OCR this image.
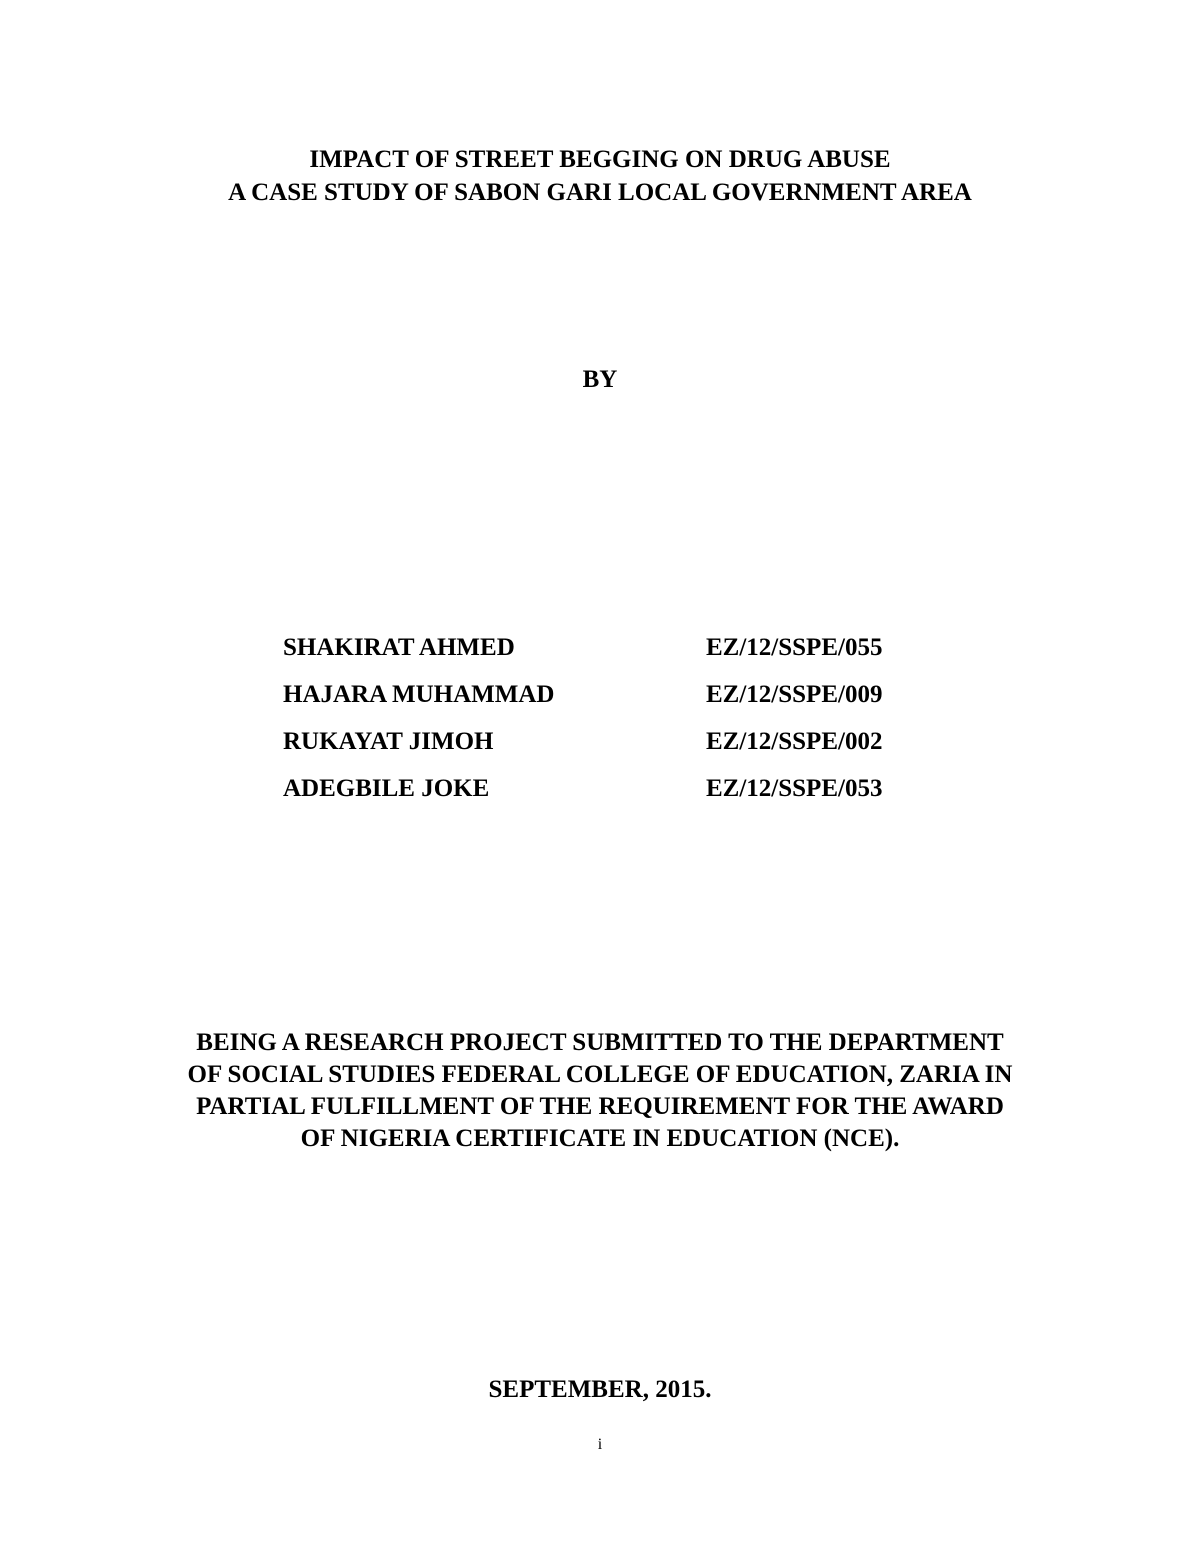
IMPACT OF STREET BEGGING ON DRUG ABUSE
A CASE STUDY OF SABON GARI LOCAL GOVERNMENT AREA
BY
SHAKIRAT AHMED	EZ/12/SSPE/055
HAJARA MUHAMMAD	EZ/12/SSPE/009
RUKAYAT JIMOH	EZ/12/SSPE/002
ADEGBILE JOKE	EZ/12/SSPE/053
BEING A RESEARCH PROJECT SUBMITTED TO THE DEPARTMENT
OF SOCIAL STUDIES FEDERAL COLLEGE OF EDUCATION, ZARIA IN
PARTIAL FULFILLMENT OF THE REQUIREMENT FOR THE AWARD
OF NIGERIA CERTIFICATE IN EDUCATION (NCE).
SEPTEMBER, 2015.
i
